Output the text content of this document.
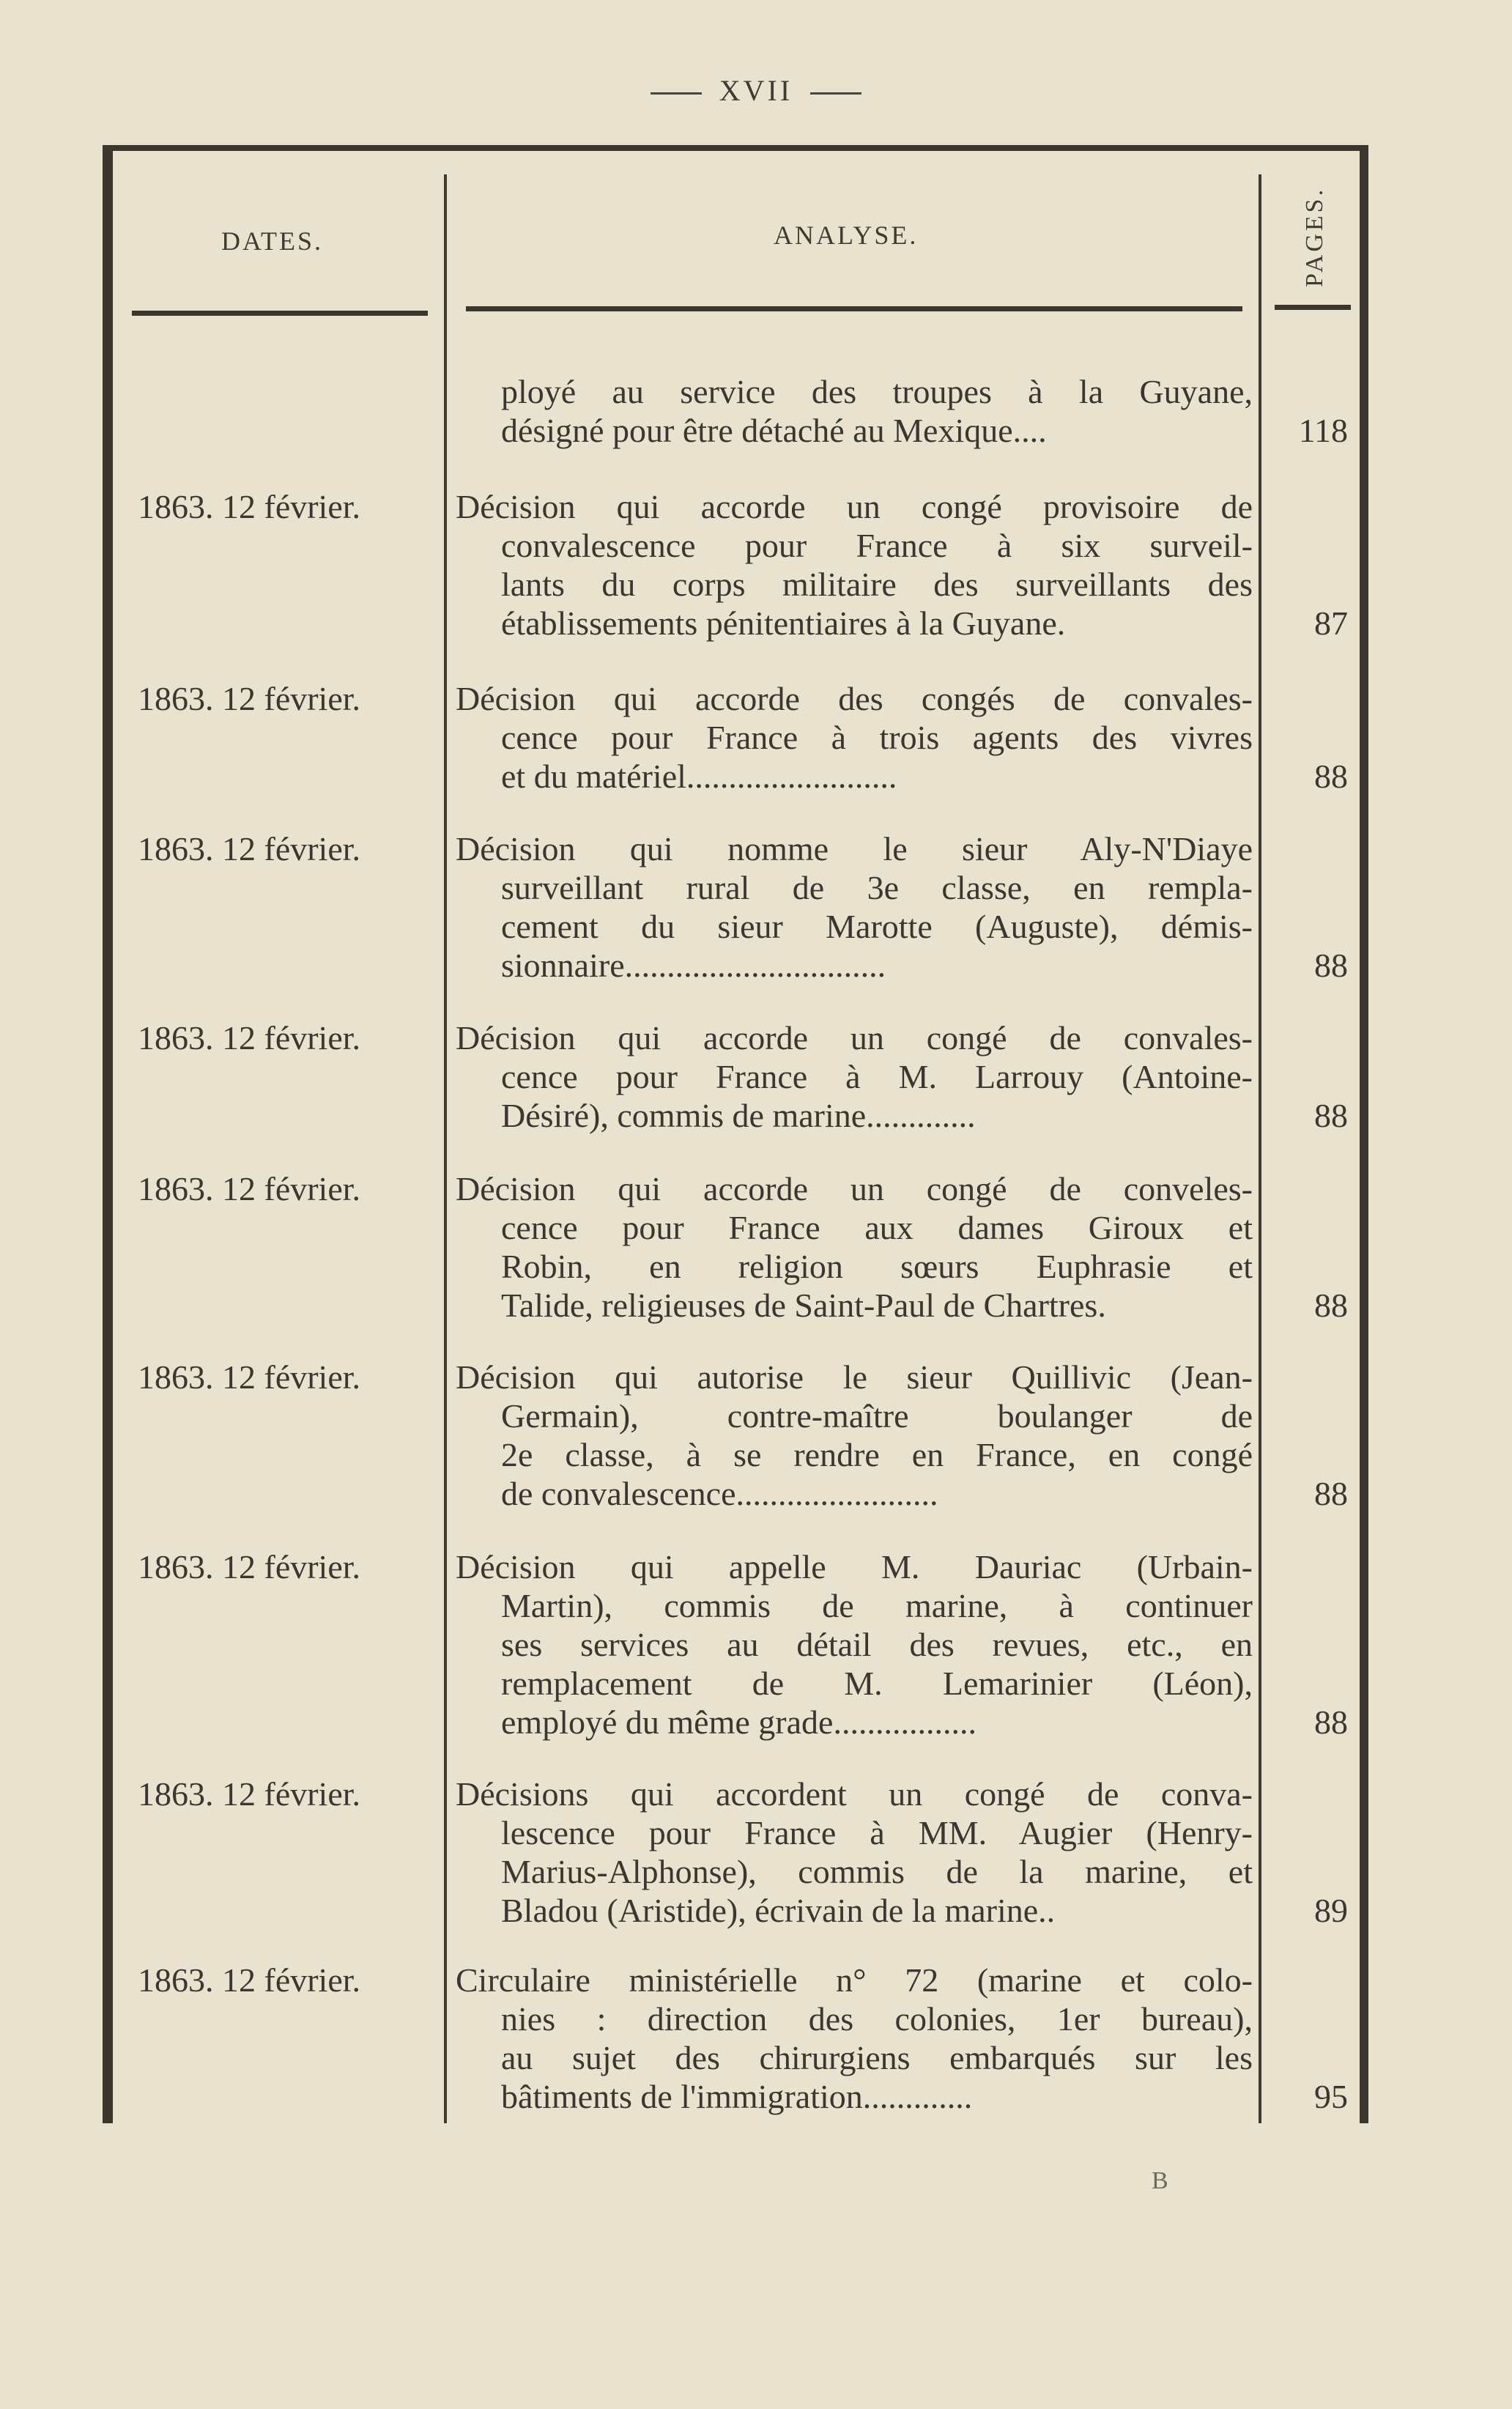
XVII
DATES.	ANALYSE.	PAGES.
ployé au service des troupes à la Guyane,
désigné pour être détaché au Mexique....	118
1863. 12 février.	Décision qui accorde un congé provisoire de
convalescence pour France à six surveil-
lants du corps militaire des surveillants des
établissements pénitentiaires à la Guyane.	87
1863. 12 février.	Décision qui accorde des congés de convales-
cence pour France à trois agents des vivres
et du matériel.........................	88
1863. 12 février.	Décision qui nomme le sieur Aly-N'Diaye
surveillant rural de 3e classe, en rempla-
cement du sieur Marotte (Auguste), démis-
sionnaire...............................	88
1863. 12 février.	Décision qui accorde un congé de convales-
cence pour France à M. Larrouy (Antoine-
Désiré), commis de marine.............	88
1863. 12 février.	Décision qui accorde un congé de conveles-
cence pour France aux dames Giroux et
Robin, en religion sœurs Euphrasie et
Talide, religieuses de Saint-Paul de Chartres.	88
1863. 12 février.	Décision qui autorise le sieur Quillivic (Jean-
Germain), contre-maître boulanger de
2e classe, à se rendre en France, en congé
de convalescence........................	88
1863. 12 février.	Décision qui appelle M. Dauriac (Urbain-
Martin), commis de marine, à continuer
ses services au détail des revues, etc., en
remplacement de M. Lemarinier (Léon),
employé du même grade.................	88
1863. 12 février.	Décisions qui accordent un congé de conva-
lescence pour France à MM. Augier (Henry-
Marius-Alphonse), commis de la marine, et
Bladou (Aristide), écrivain de la marine..	89
1863. 12 février.	Circulaire ministérielle n° 72 (marine et colo-
nies : direction des colonies, 1er bureau),
au sujet des chirurgiens embarqués sur les
bâtiments de l'immigration.............	95
B
